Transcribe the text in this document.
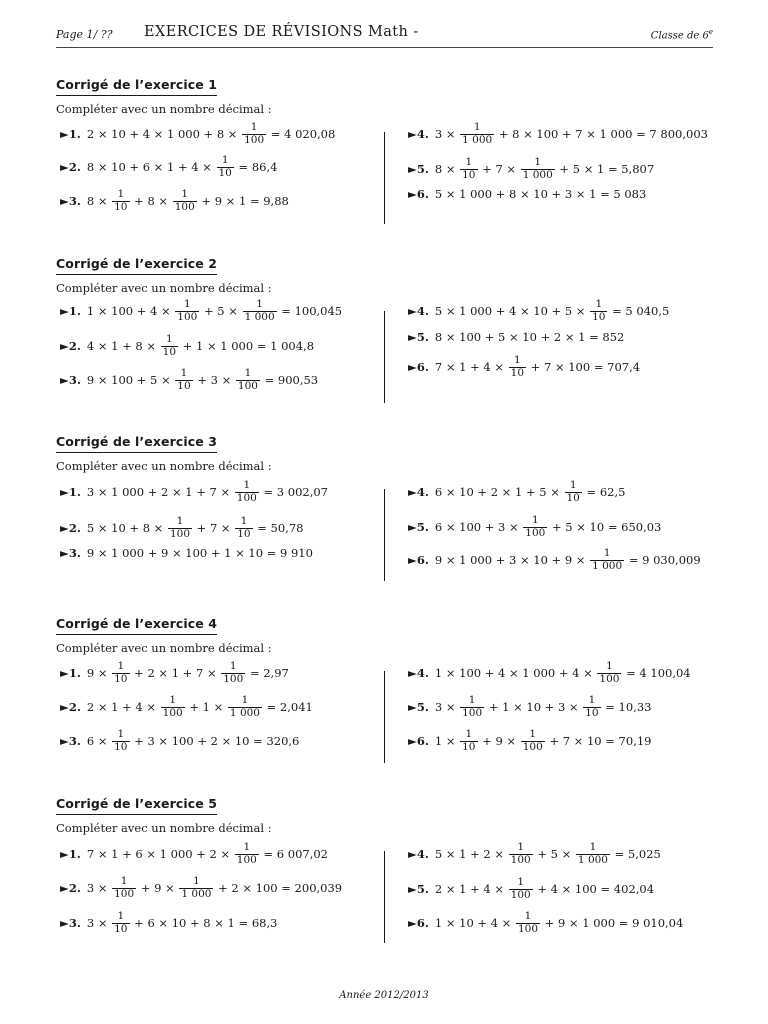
Page 1/ ?? EXERCICES DE RÉVISIONS Math -	Classe de 6e
Corrigé de l’exercice 1
Compléter avec un nombre décimal :
►1. 2 × 10 + 4 × 1 $000 + 8 \times \frac{1}{100} = 4$ 020,08
►2. $8 \times 10 + 6 \times 1 + 4 \times \frac{1}{10} = 86,4$
►3. $8 \times \frac{1}{10} + 8 \times \frac{1}{100} + 9 \times 1 = 9,88$
►4. $3 \times \frac{1}{1 000} + 8 \times 100 + 7 \times 1$ 000 = 7 800,003
►5. $8 \times \frac{1}{10} + 7 \times \frac{1}{1 000} + 5 \times 1 = 5,807$
►6. 5 × 1 000 + 8 × 10 + 3 × 1 = 5 083
Corrigé de l’exercice 2
Compléter avec un nombre décimal :
►1. $1 \times 100 + 4 \times \frac{1}{100} + 5 \times \frac{1}{1 000} = 100,045$
►2. $4 \times 1 + 8 \times \frac{1}{10} + 1 \times 1$ 000 = 1 004,8
►3. $9 \times 100 + 5 \times \frac{1}{10} + 3 \times \frac{1}{100} = 900,53$
►4. 5 × 1 $000 + 4 \times 10 + 5 \times \frac{1}{10} = 5$ 040,5
►5. 8 × 100 + 5 × 10 + 2 × 1 = 852
►6. $7 \times 1 + 4 \times \frac{1}{10} + 7 \times 100 = 707,4$
Corrigé de l’exercice 3
Compléter avec un nombre décimal :
►1. 3 × 1 $000 + 2 \times 1 + 7 \times \frac{1}{100} = 3$ 002,07
►2. $5 \times 10 + 8 \times \frac{1}{100} + 7 \times \frac{1}{10} = 50,78$
►3. 9 × 1 000 + 9 × 100 + 1 × 10 = 9 910
►4. $6 \times 10 + 2 \times 1 + 5 \times \frac{1}{10} = 62,5$
►5. $6 \times 100 + 3 \times \frac{1}{100} + 5 \times 10 = 650,03$
►6. 9 × 1 $000 + 3 \times 10 + 9 \times \frac{1}{1 000} = 9$ 030,009
Corrigé de l’exercice 4
Compléter avec un nombre décimal :
►1. $9 \times \frac{1}{10} + 2 \times 1 + 7 \times \frac{1}{100} = 2,97$
►2. $2 \times 1 + 4 \times \frac{1}{100} + 1 \times \frac{1}{1 000} = 2,041$
►3. $6 \times \frac{1}{10} + 3 \times 100 + 2 \times 10 = 320,6$
►4. 1 × 100 + 4 × 1 $000 + 4 \times \frac{1}{100} = 4$ 100,04
►5. $3 \times \frac{1}{100} + 1 \times 10 + 3 \times \frac{1}{10} = 10,33$
►6. $1 \times \frac{1}{10} + 9 \times \frac{1}{100} + 7 \times 10 = 70,19$
Corrigé de l’exercice 5
Compléter avec un nombre décimal :
►1. 7 × 1 + 6 × 1 $000 + 2 \times \frac{1}{100} = 6$ 007,02
►2. $3 \times \frac{1}{100} + 9 \times \frac{1}{1 000} + 2 \times 100 = 200,039$
►3. $3 \times \frac{1}{10} + 6 \times 10 + 8 \times 1 = 68,3$
►4. $5 \times 1 + 2 \times \frac{1}{100} + 5 \times \frac{1}{1 000} = 5,025$
►5. $2 \times 1 + 4 \times \frac{1}{100} + 4 \times 100 = 402,04$
►6. $1 \times 10 + 4 \times \frac{1}{100} + 9 \times 1$ 000 = 9 010,04
Année 2012/2013
